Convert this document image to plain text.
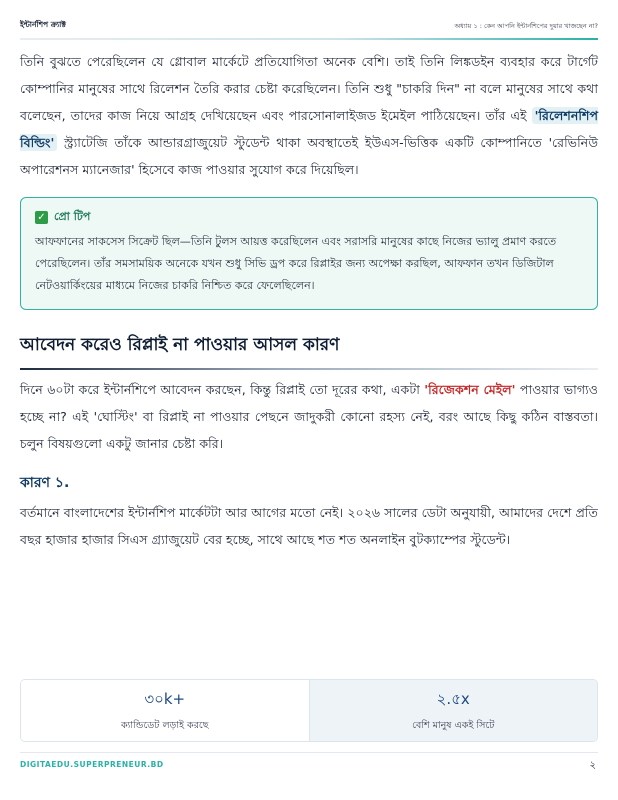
ইন্টার্নশিপ ক্র্যাক্ট	অধ্যায় ১ : কেন আপনি ইন্টার্নশিপের দুয়ার খাজছেন না?

তিনি বুঝতে পেরেছিলেন যে গ্লোবাল মার্কেটে প্রতিযোগিতা অনেক বেশি। তাই তিনি লিঙ্কডইন ব্যবহার করে টার্গেট কোম্পানির মানুষের সাথে রিলেশন তৈরি করার চেষ্টা করেছিলেন। তিনি শুধু "চাকরি দিন" না বলে মানুষের সাথে কথা বলেছেন, তাদের কাজ নিয়ে আগ্রহ দেখিয়েছেন এবং পারসোনালাইজড ইমেইল পাঠিয়েছেন। তাঁর এই 'রিলেশনশিপ বিল্ডিং' স্ট্র্যাটেজি তাঁকে আন্ডারগ্রাজুয়েট স্টুডেন্ট থাকা অবস্থাতেই ইউএস-ভিত্তিক একটি কোম্পানিতে 'রেভিনিউ অপারেশনস ম্যানেজার' হিসেবে কাজ পাওয়ার সুযোগ করে দিয়েছিল।

✓ প্রো টিপ

আফফানের সাকসেস সিক্রেট ছিল—তিনি টুলস আয়ত্ত করেছিলেন এবং সরাসরি মানুষের কাছে নিজের ভ্যালু প্রমাণ করতে পেরেছিলেন। তাঁর সমসাময়িক অনেকে যখন শুধু সিভি ড্রপ করে রিপ্লাইর জন্য অপেক্ষা করছিল, আফফান তখন ডিজিটাল নেটওয়ার্কিংয়ের মাধ্যমে নিজের চাকরি নিশ্চিত করে ফেলেছিলেন।

আবেদন করেও রিপ্লাই না পাওয়ার আসল কারণ

দিনে ৬০টা করে ইন্টার্নশিপে আবেদন করছেন, কিন্তু রিপ্লাই তো দূরের কথা, একটা 'রিজেকশন মেইল' পাওয়ার ভাগ্যও হচ্ছে না? এই 'ঘোস্টিং' বা রিপ্লাই না পাওয়ার পেছনে জাদুকরী কোনো রহস্য নেই, বরং আছে কিছু কঠিন বাস্তবতা। চলুন বিষয়গুলো একটু জানার চেষ্টা করি।

কারণ ১.

বর্তমানে বাংলাদেশের ইন্টার্নশিপ মার্কেটটা আর আগের মতো নেই। ২০২৬ সালের ডেটা অনুযায়ী, আমাদের দেশে প্রতি বছর হাজার হাজার সিএস গ্র্যাজুয়েট বের হচ্ছে, সাথে আছে শত শত অনলাইন বুটক্যাম্পের স্টুডেন্ট।

৩০k+
ক্যান্ডিডেট লড়াই করছে
২.৫x
বেশি মানুষ একই সিটে
DIGITAEDU.SUPERPRENEUR.BD	২
